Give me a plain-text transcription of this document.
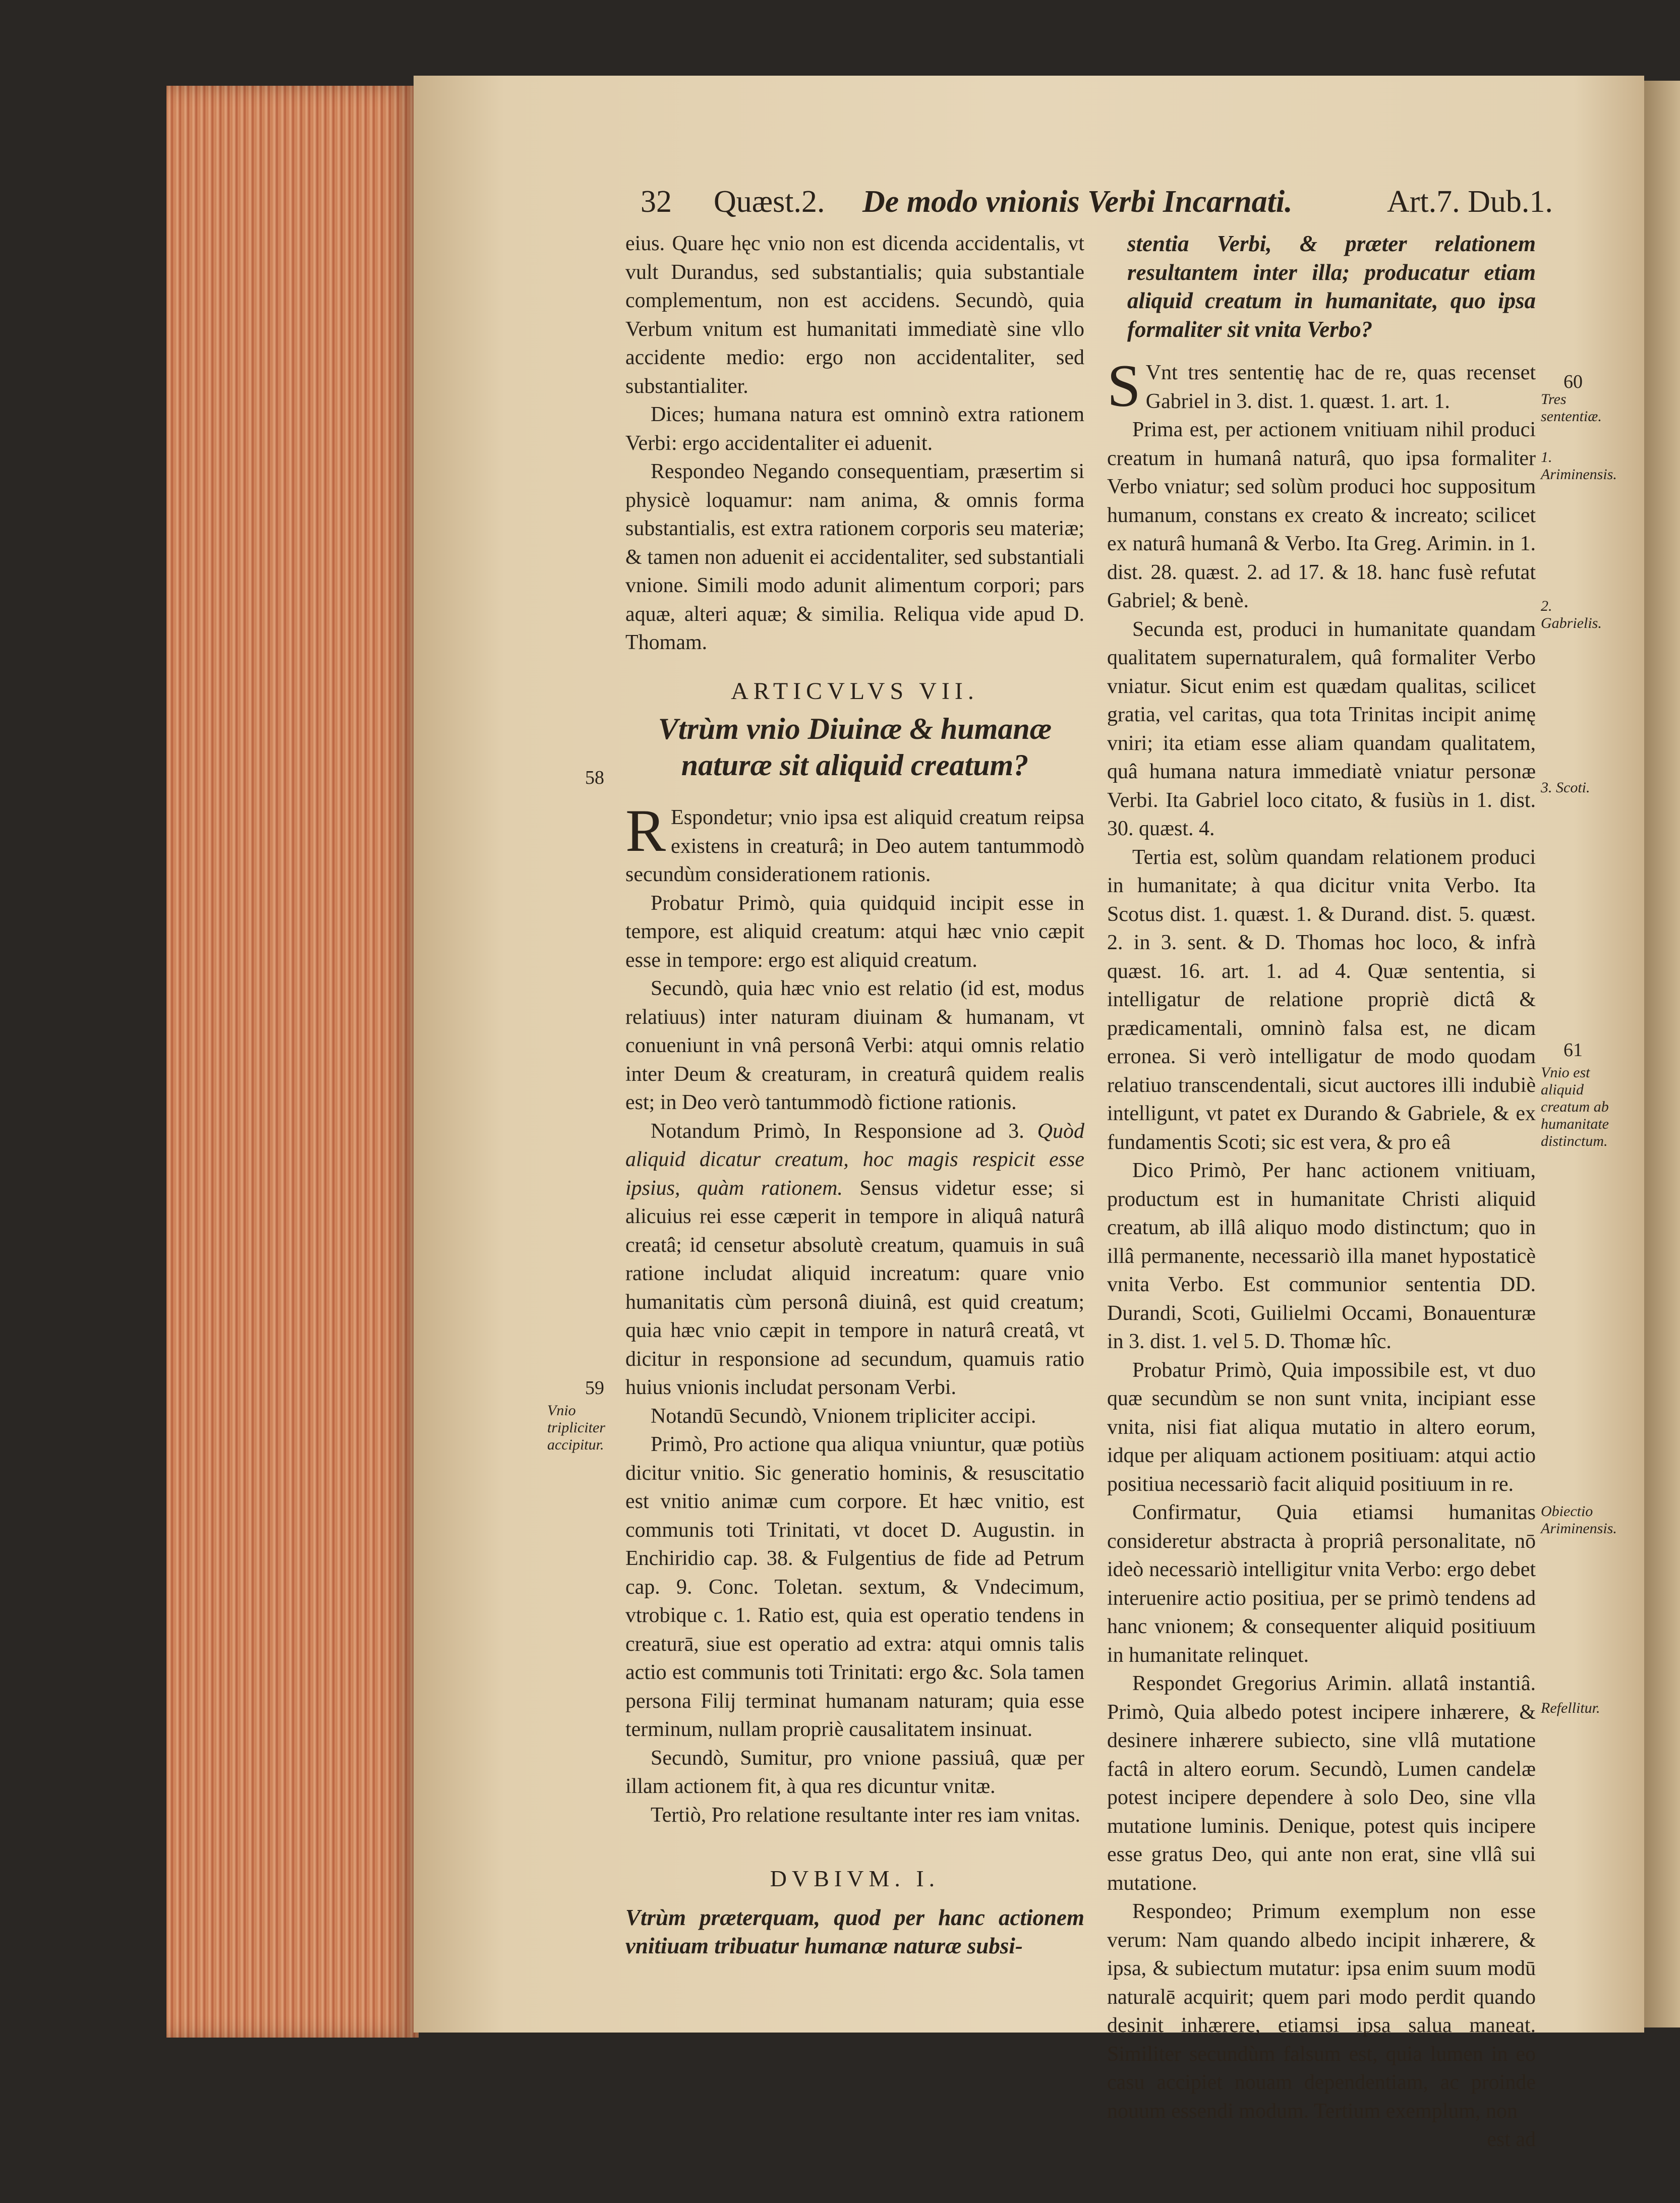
32 Quæst.2. De modo vnionis Verbi Incarnati.	Art.7. Dub.1.

eius. Quare hęc vnio non est dicenda accidentalis, vt vult Durandus, sed substantialis; quia substantiale complementum, non est accidens. Secundò, quia Verbum vnitum est humanitati immediatè sine vllo accidente medio: ergo non accidentaliter, sed substantialiter.

Dices; humana natura est omninò extra rationem Verbi: ergo accidentaliter ei aduenit.

Respondeo Negando consequentiam, præsertim si physicè loquamur: nam anima, & omnis forma substantialis, est extra rationem corporis seu materiæ; & tamen non aduenit ei accidentaliter, sed substantiali vnione. Simili modo adunit alimentum corpori; pars aquæ, alteri aquæ; & similia. Reliqua vide apud D. Thomam.

ARTICVLVS VII.

Vtrùm vnio Diuinæ & humanæ naturæ sit aliquid creatum?

R Espondetur; vnio ipsa est aliquid creatum reipsa existens in creaturâ; in Deo autem tantummodò secundùm considerationem rationis.

Probatur Primò, quia quidquid incipit esse in tempore, est aliquid creatum: atqui hæc vnio cæpit esse in tempore: ergo est aliquid creatum.

Secundò, quia hæc vnio est relatio (id est, modus relatiuus) inter naturam diuinam & humanam, vt conueniunt in vnâ personâ Verbi: atqui omnis relatio inter Deum & creaturam, in creaturâ quidem realis est; in Deo verò tantummodò fictione rationis.

Notandum Primò, In Responsione ad 3. Quòd aliquid dicatur creatum, hoc magis respicit esse ipsius, quàm rationem. Sensus videtur esse; si alicuius rei esse cæperit in tempore in aliquâ naturâ creatâ; id censetur absolutè creatum, quamuis in suâ ratione includat aliquid increatum: quare vnio humanitatis cùm personâ diuinâ, est quid creatum; quia hæc vnio cæpit in tempore in naturâ creatâ, vt dicitur in responsione ad secundum, quamuis ratio huius vnionis includat personam Verbi.

Notandū Secundò, Vnionem tripliciter accipi.

Primò, Pro actione qua aliqua vniuntur, quæ potiùs dicitur vnitio. Sic generatio hominis, & resuscitatio est vnitio animæ cum corpore. Et hæc vnitio, est communis toti Trinitati, vt docet D. Augustin. in Enchiridio cap. 38. & Fulgentius de fide ad Petrum cap. 9. Conc. Toletan. sextum, & Vndecimum, vtrobique c. 1. Ratio est, quia est operatio tendens in creaturā, siue est operatio ad extra: atqui omnis talis actio est communis toti Trinitati: ergo &c. Sola tamen persona Filij terminat humanam naturam; quia esse terminum, nullam propriè causalitatem insinuat.

Secundò, Sumitur, pro vnione passiuâ, quæ per illam actionem fit, à qua res dicuntur vnitæ.

Tertiò, Pro relatione resultante inter res iam vnitas.

DVBIVM. I.

Vtrùm præterquam, quod per hanc actionem vnitiuam tribuatur humanæ naturæ subsi-

stentia Verbi, & præter relationem resultantem inter illa; producatur etiam aliquid creatum in humanitate, quo ipsa formaliter sit vnita Verbo?

S Vnt tres sententię hac de re, quas recenset Gabriel in 3. dist. 1. quæst. 1. art. 1.

Prima est, per actionem vnitiuam nihil produci creatum in humanâ naturâ, quo ipsa formaliter Verbo vniatur; sed solùm produci hoc suppositum humanum, constans ex creato & increato; scilicet ex naturâ humanâ & Verbo. Ita Greg. Arimin. in 1. dist. 28. quæst. 2. ad 17. & 18. hanc fusè refutat Gabriel; & benè.

Secunda est, produci in humanitate quandam qualitatem supernaturalem, quâ formaliter Verbo vniatur. Sicut enim est quædam qualitas, scilicet gratia, vel caritas, qua tota Trinitas incipit animę vniri; ita etiam esse aliam quandam qualitatem, quâ humana natura immediatè vniatur personæ Verbi. Ita Gabriel loco citato, & fusiùs in 1. dist. 30. quæst. 4.

Tertia est, solùm quandam relationem produci in humanitate; à qua dicitur vnita Verbo. Ita Scotus dist. 1. quæst. 1. & Durand. dist. 5. quæst. 2. in 3. sent. & D. Thomas hoc loco, & infrà quæst. 16. art. 1. ad 4. Quæ sententia, si intelligatur de relatione propriè dictâ & prædicamentali, omninò falsa est, ne dicam erronea. Si verò intelligatur de modo quodam relatiuo transcendentali, sicut auctores illi indubiè intelligunt, vt patet ex Durando & Gabriele, & ex fundamentis Scoti; sic est vera, & pro eâ

Dico Primò, Per hanc actionem vnitiuam, productum est in humanitate Christi aliquid creatum, ab illâ aliquo modo distinctum; quo in illâ permanente, necessariò illa manet hypostaticè vnita Verbo. Est communior sententia DD. Durandi, Scoti, Guilielmi Occami, Bonauenturæ in 3. dist. 1. vel 5. D. Thomæ hîc.

Probatur Primò, Quia impossibile est, vt duo quæ secundùm se non sunt vnita, incipiant esse vnita, nisi fiat aliqua mutatio in altero eorum, idque per aliquam actionem positiuam: atqui actio positiua necessariò facit aliquid positiuum in re.

Confirmatur, Quia etiamsi humanitas consideretur abstracta à propriâ personalitate, nō ideò necessariò intelligitur vnita Verbo: ergo debet interuenire actio positiua, per se primò tendens ad hanc vnionem; & consequenter aliquid positiuum in humanitate relinquet.

Respondet Gregorius Arimin. allatâ instantiâ. Primò, Quia albedo potest incipere inhærere, & desinere inhærere subiecto, sine vllâ mutatione factâ in altero eorum. Secundò, Lumen candelæ potest incipere dependere à solo Deo, sine vlla mutatione luminis. Denique, potest quis incipere esse gratus Deo, qui ante non erat, sine vllâ sui mutatione.

Respondeo; Primum exemplum non esse verum: Nam quando albedo incipit inhærere, & ipsa, & subiectum mutatur: ipsa enim suum modū naturalē acquirit; quem pari modo perdit quando desinit inhærere, etiamsi ipsa salua maneat. Similiter secundùm falsum est, quia lumen in eo casu accipiet nouam dependentiam, ac proinde nouum essendi modum. Tertium exemplum, non

est ad

58
59
Vnio tripliciter accipitur.
60
Tres sententiæ.
1. Ariminensis.
2. Gabrielis.
3. Scoti.
61
Vnio est aliquid creatum ab humanitate distinctum.
Obiectio Ariminensis.
Refellitur.
